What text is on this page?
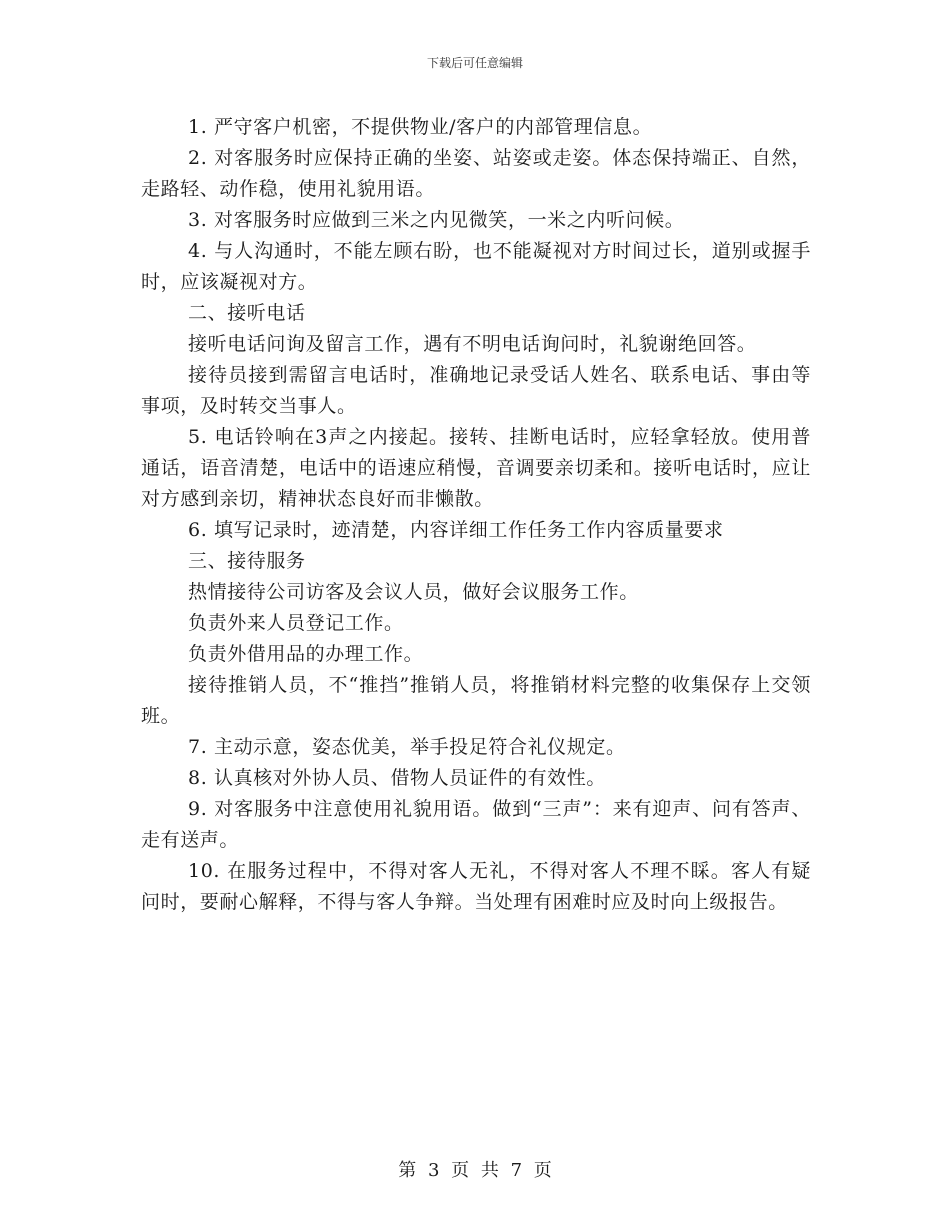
下载后可任意编辑

1. 严守客户机密，不提供物业/客户的内部管理信息。

2. 对客服务时应保持正确的坐姿、站姿或走姿。体态保持端正、自然，走路轻、动作稳，使用礼貌用语。

3. 对客服务时应做到三米之内见微笑，一米之内听问候。

4. 与人沟通时，不能左顾右盼，也不能凝视对方时间过长，道别或握手时，应该凝视对方。

二、接听电话

接听电话问询及留言工作，遇有不明电话询问时，礼貌谢绝回答。

接待员接到需留言电话时，准确地记录受话人姓名、联系电话、事由等事项，及时转交当事人。

5. 电话铃响在3声之内接起。接转、挂断电话时，应轻拿轻放。使用普通话，语音清楚，电话中的语速应稍慢，音调要亲切柔和。接听电话时，应让对方感到亲切，精神状态良好而非懒散。

6. 填写记录时，迹清楚，内容详细工作任务工作内容质量要求

三、接待服务

热情接待公司访客及会议人员，做好会议服务工作。

负责外来人员登记工作。

负责外借用品的办理工作。

接待推销人员，不“推挡”推销人员，将推销材料完整的收集保存上交领班。

7. 主动示意，姿态优美，举手投足符合礼仪规定。

8. 认真核对外协人员、借物人员证件的有效性。

9. 对客服务中注意使用礼貌用语。做到“三声”：来有迎声、问有答声、走有送声。

10. 在服务过程中，不得对客人无礼，不得对客人不理不睬。客人有疑问时，要耐心解释，不得与客人争辩。当处理有困难时应及时向上级报告。

第 3 页 共 7 页
